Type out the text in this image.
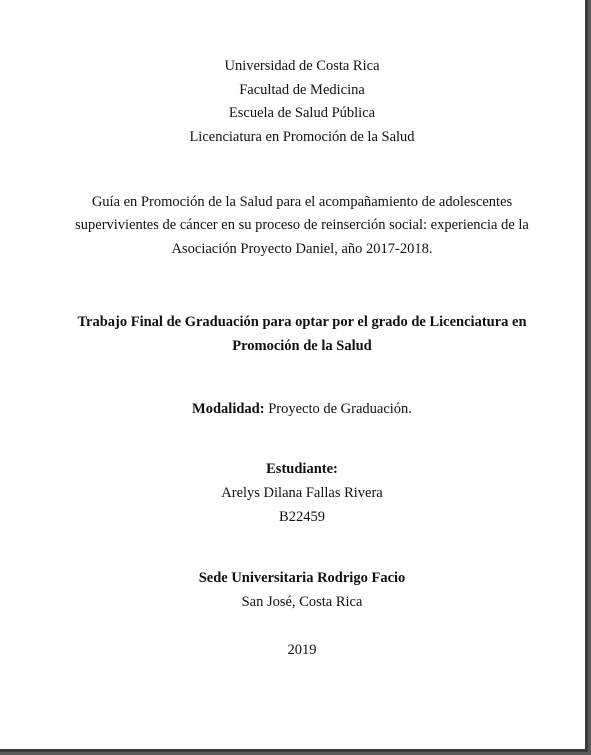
Universidad de Costa Rica
Facultad de Medicina
Escuela de Salud Pública
Licenciatura en Promoción de la Salud
Guía en Promoción de la Salud para el acompañamiento de adolescentes
supervivientes de cáncer en su proceso de reinserción social: experiencia de la
Asociación Proyecto Daniel, año 2017-2018.
Trabajo Final de Graduación para optar por el grado de Licenciatura en
Promoción de la Salud
Modalidad: Proyecto de Graduación.
Estudiante:
Arelys Dilana Fallas Rivera
B22459
Sede Universitaria Rodrigo Facio
San José, Costa Rica
2019
